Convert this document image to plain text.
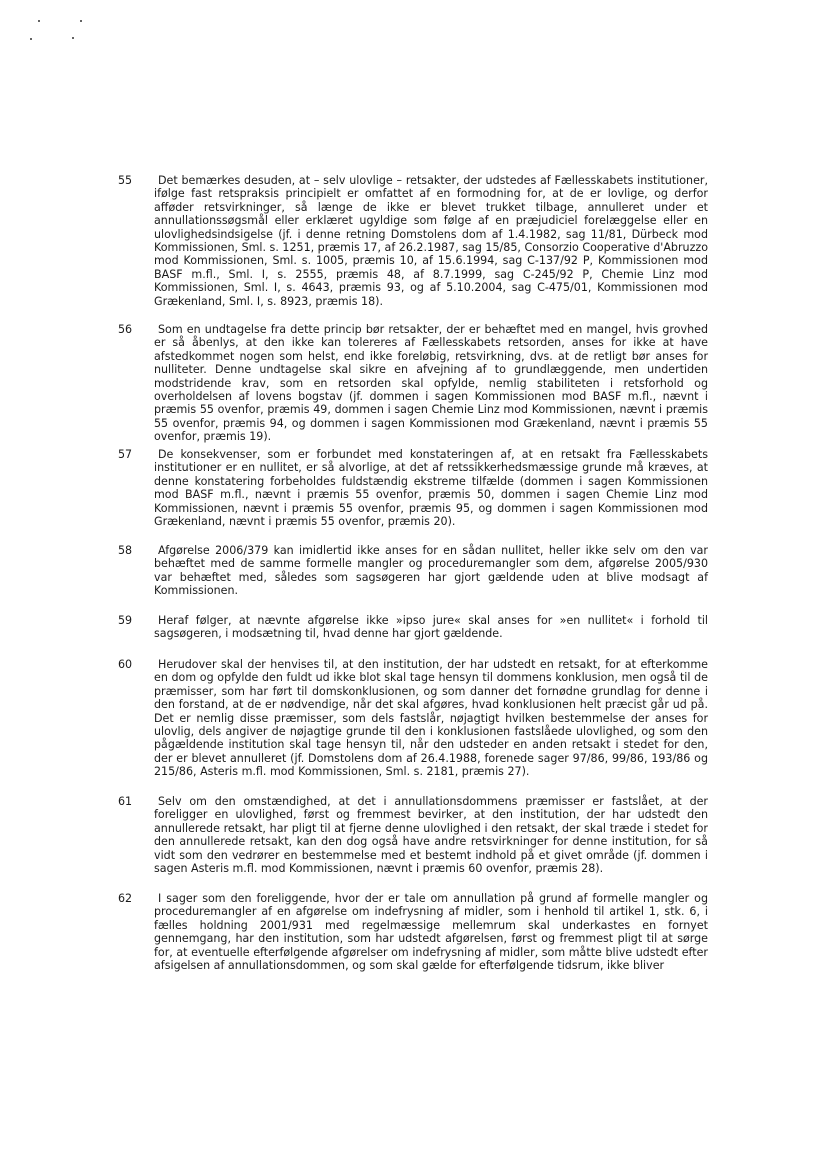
55	Det bemærkes desuden, at – selv ulovlige – retsakter, der udstedes af Fællesskabets institutioner, ifølge fast retspraksis principielt er omfattet af en formodning for, at de er lovlige, og derfor afføder retsvirkninger, så længe de ikke er blevet trukket tilbage, annulleret under et annullationssøgsmål eller erklæret ugyldige som følge af en præjudiciel forelæggelse eller en ulovlighedsindsigelse (jf. i denne retning Domstolens dom af 1.4.1982, sag 11/81, Dürbeck mod Kommissionen, Sml. s. 1251, præmis 17, af 26.2.1987, sag 15/85, Consorzio Cooperative d'Abruzzo mod Kommissionen, Sml. s. 1005, præmis 10, af 15.6.1994, sag C-137/92 P, Kommissionen mod BASF m.fl., Sml. I, s. 2555, præmis 48, af 8.7.1999, sag C-245/92 P, Chemie Linz mod Kommissionen, Sml. I, s. 4643, præmis 93, og af 5.10.2004, sag C-475/01, Kommissionen mod Grækenland, Sml. I, s. 8923, præmis 18).
56	Som en undtagelse fra dette princip bør retsakter, der er behæftet med en mangel, hvis grovhed er så åbenlys, at den ikke kan tolereres af Fællesskabets retsorden, anses for ikke at have afstedkommet nogen som helst, end ikke foreløbig, retsvirkning, dvs. at de retligt bør anses for nulliteter. Denne undtagelse skal sikre en afvejning af to grundlæggende, men undertiden modstridende krav, som en retsorden skal opfylde, nemlig stabiliteten i retsforhold og overholdelsen af lovens bogstav (jf. dommen i sagen Kommissionen mod BASF m.fl., nævnt i præmis 55 ovenfor, præmis 49, dommen i sagen Chemie Linz mod Kommissionen, nævnt i præmis 55 ovenfor, præmis 94, og dommen i sagen Kommissionen mod Grækenland, nævnt i præmis 55 ovenfor, præmis 19).
57	De konsekvenser, som er forbundet med konstateringen af, at en retsakt fra Fællesskabets institutioner er en nullitet, er så alvorlige, at det af retssikkerhedsmæssige grunde må kræves, at denne konstatering forbeholdes fuldstændig ekstreme tilfælde (dommen i sagen Kommissionen mod BASF m.fl., nævnt i præmis 55 ovenfor, præmis 50, dommen i sagen Chemie Linz mod Kommissionen, nævnt i præmis 55 ovenfor, præmis 95, og dommen i sagen Kommissionen mod Grækenland, nævnt i præmis 55 ovenfor, præmis 20).
58	Afgørelse 2006/379 kan imidlertid ikke anses for en sådan nullitet, heller ikke selv om den var behæftet med de samme formelle mangler og proceduremangler som dem, afgørelse 2005/930 var behæftet med, således som sagsøgeren har gjort gældende uden at blive modsagt af Kommissionen.
59	Heraf følger, at nævnte afgørelse ikke »ipso jure« skal anses for »en nullitet« i forhold til sagsøgeren, i modsætning til, hvad denne har gjort gældende.
60	Herudover skal der henvises til, at den institution, der har udstedt en retsakt, for at efterkomme en dom og opfylde den fuldt ud ikke blot skal tage hensyn til dommens konklusion, men også til de præmisser, som har ført til domskonklusionen, og som danner det fornødne grundlag for denne i den forstand, at de er nødvendige, når det skal afgøres, hvad konklusionen helt præcist går ud på. Det er nemlig disse præmisser, som dels fastslår, nøjagtigt hvilken bestemmelse der anses for ulovlig, dels angiver de nøjagtige grunde til den i konklusionen fastslåede ulovlighed, og som den pågældende institution skal tage hensyn til, når den udsteder en anden retsakt i stedet for den, der er blevet annulleret (jf. Domstolens dom af 26.4.1988, forenede sager 97/86, 99/86, 193/86 og 215/86, Asteris m.fl. mod Kommissionen, Sml. s. 2181, præmis 27).
61	Selv om den omstændighed, at det i annullationsdommens præmisser er fastslået, at der foreligger en ulovlighed, først og fremmest bevirker, at den institution, der har udstedt den annullerede retsakt, har pligt til at fjerne denne ulovlighed i den retsakt, der skal træde i stedet for den annullerede retsakt, kan den dog også have andre retsvirkninger for denne institution, for så vidt som den vedrører en bestemmelse med et bestemt indhold på et givet område (jf. dommen i sagen Asteris m.fl. mod Kommissionen, nævnt i præmis 60 ovenfor, præmis 28).
62	I sager som den foreliggende, hvor der er tale om annullation på grund af formelle mangler og proceduremangler af en afgørelse om indefrysning af midler, som i henhold til artikel 1, stk. 6, i fælles holdning 2001/931 med regelmæssige mellemrum skal underkastes en fornyet gennemgang, har den institution, som har udstedt afgørelsen, først og fremmest pligt til at sørge for, at eventuelle efterfølgende afgørelser om indefrysning af midler, som måtte blive udstedt efter afsigelsen af annullationsdommen, og som skal gælde for efterfølgende tidsrum, ikke bliver
